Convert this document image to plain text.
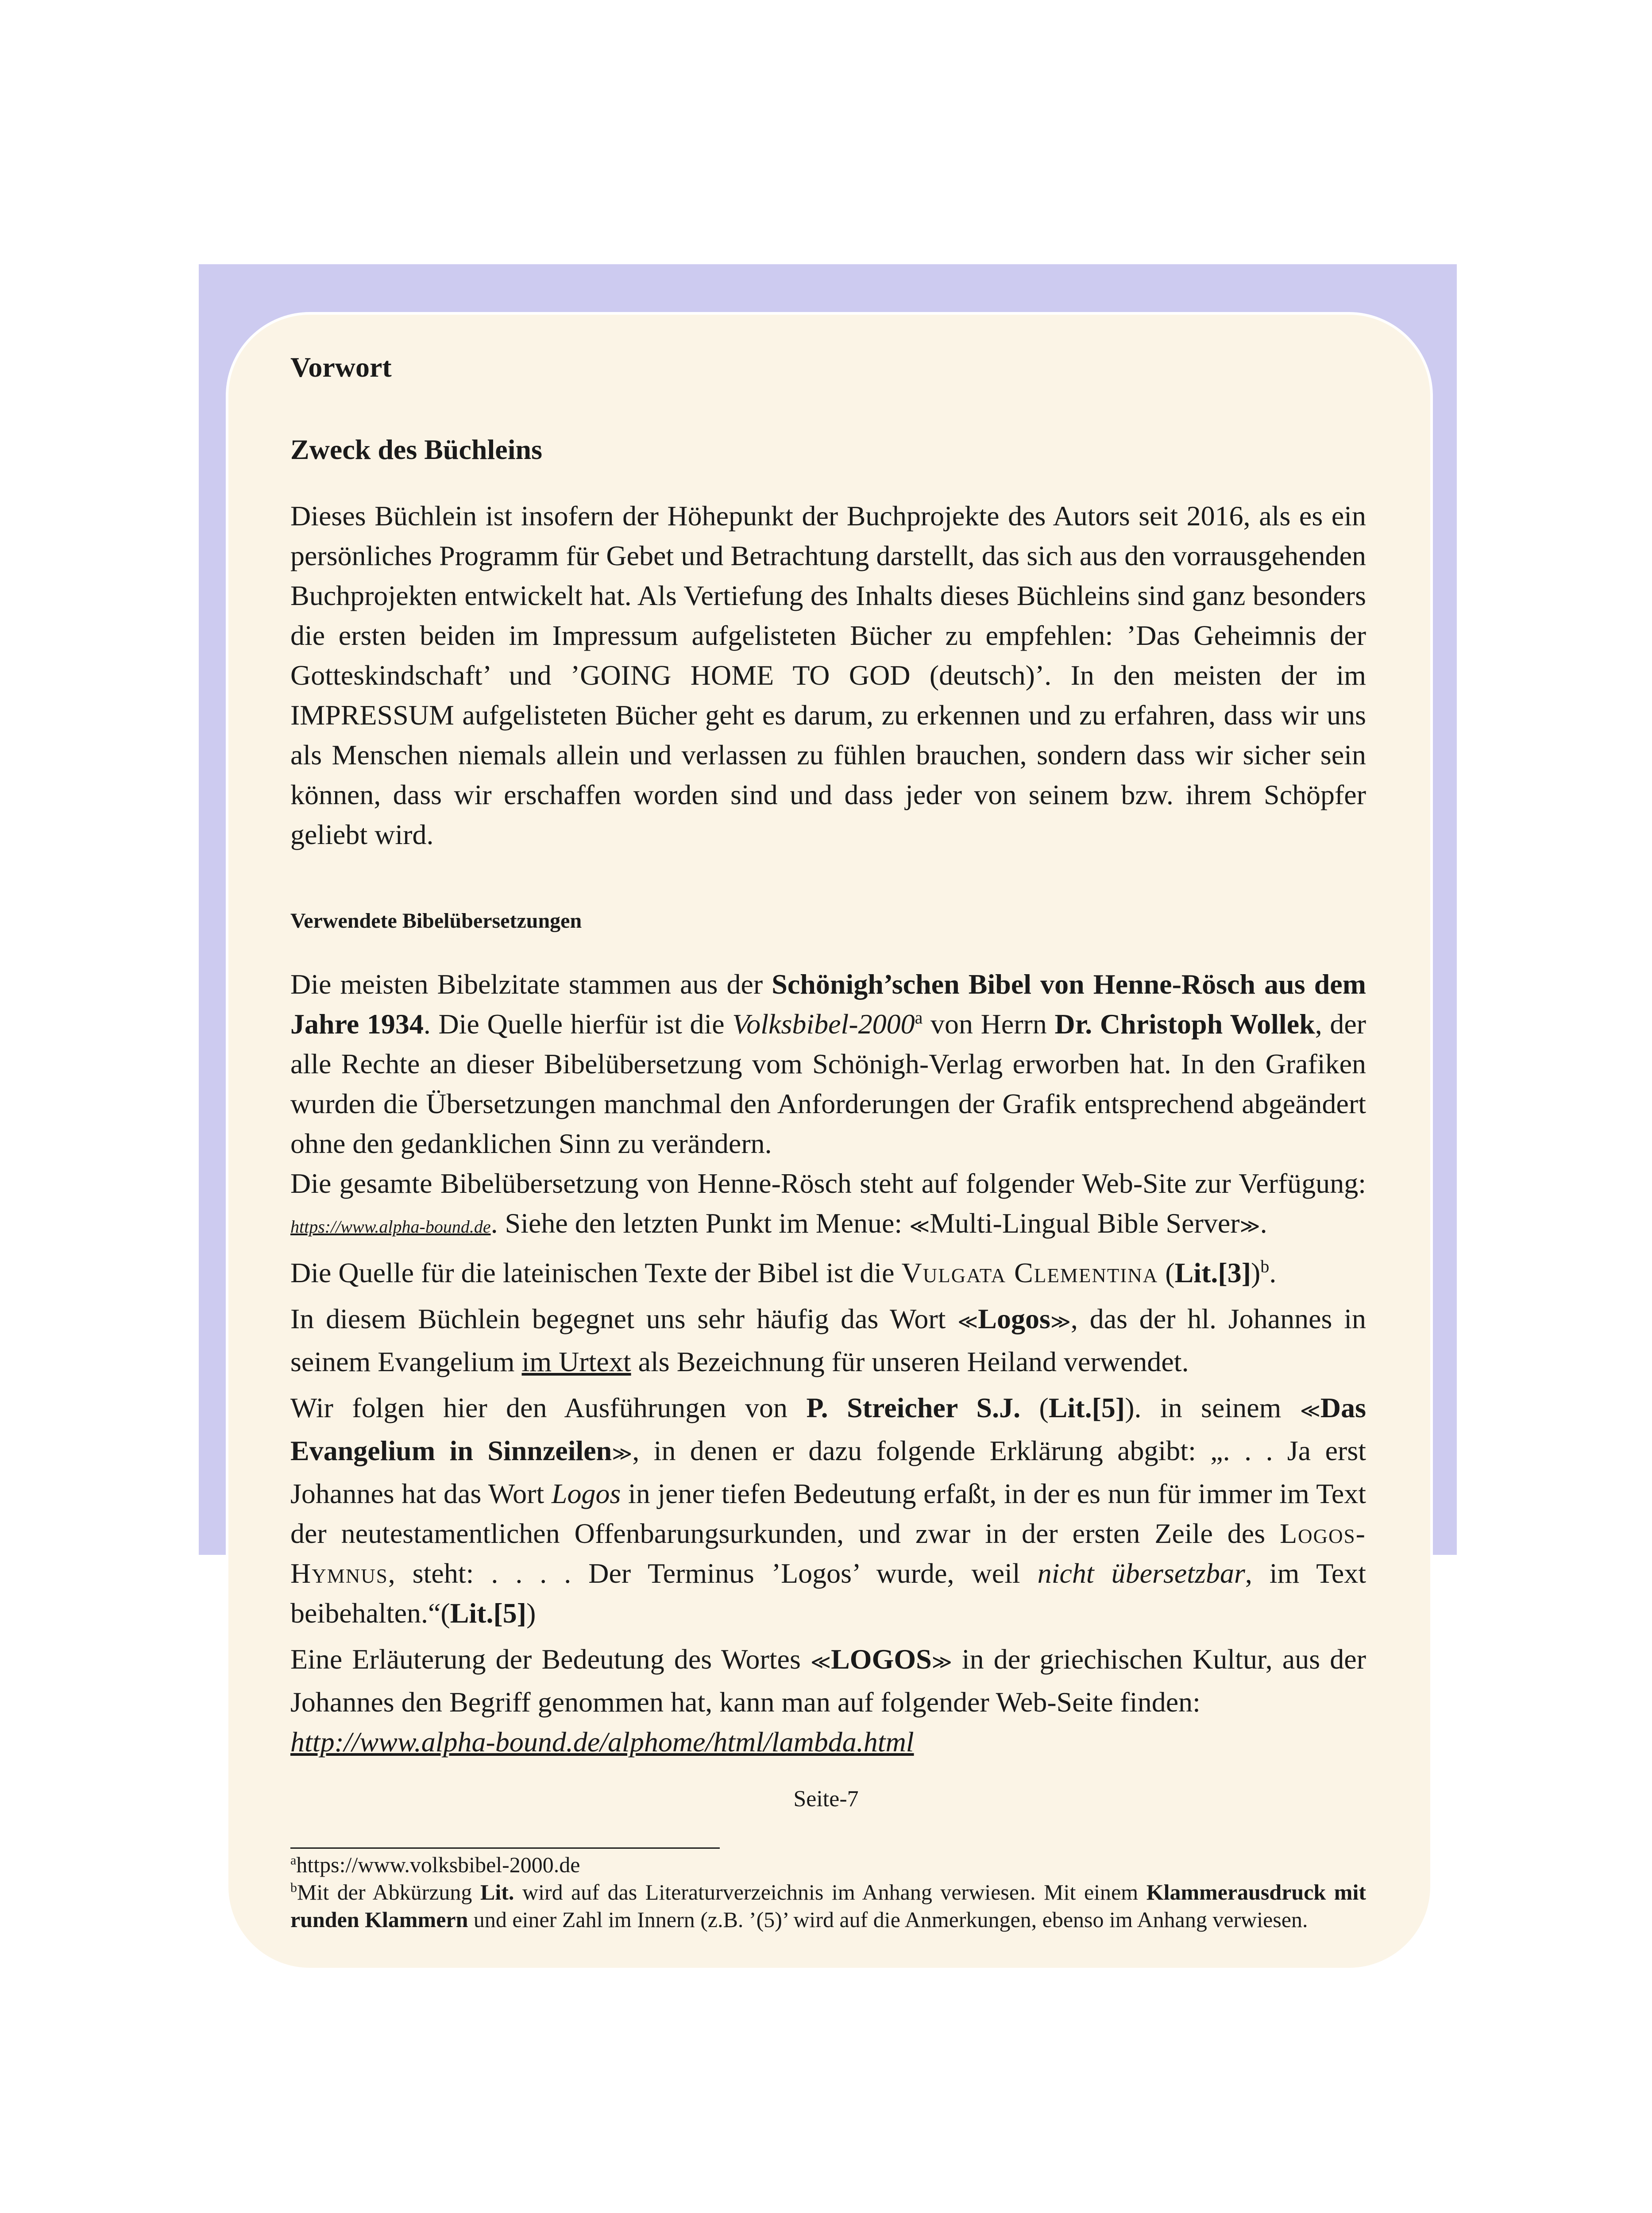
Vorwort
Zweck des Büchleins

Dieses Büchlein ist insofern der Höhepunkt der Buchprojekte des Autors seit 2016, als es ein persönliches Programm für Gebet und Betrachtung darstellt, das sich aus den vorrausgehenden Buchprojekten entwickelt hat. Als Vertiefung des Inhalts dieses Büchleins sind ganz besonders die ersten beiden im Impressum aufgelisteten Bücher zu empfehlen: ’Das Geheimnis der Gotteskindschaft’ und ’GOING HOME TO GOD (deutsch)’. In den meisten der im IMPRESSUM aufgelisteten Bücher geht es darum, zu erkennen und zu erfahren, dass wir uns als Menschen niemals allein und verlassen zu fühlen brauchen, sondern dass wir sicher sein können, dass wir erschaffen worden sind und dass jeder von seinem bzw. ihrem Schöpfer geliebt wird.

Verwendete Bibelübersetzungen

Die meisten Bibelzitate stammen aus der Schönigh’schen Bibel von Henne-Rösch aus dem Jahre 1934. Die Quelle hierfür ist die Volksbibel-2000$^a$ von Herrn Dr. Christoph Wollek, der alle Rechte an dieser Bibelübersetzung vom Schönigh-Verlag erworben hat. In den Grafiken wurden die Übersetzungen manchmal den Anforderungen der Grafik entsprechend abgeändert ohne den gedanklichen Sinn zu verändern.

Die gesamte Bibelübersetzung von Henne-Rösch steht auf folgender Web-Site zur Verfügung: https://www.alpha-bound.de. Siehe den letzten Punkt im Menue: ≪Multi-Lingual Bible Server≫.

Die Quelle für die lateinischen Texte der Bibel ist die Vulgata Clementina $(Lit.[3])^b$.

In diesem Büchlein begegnet uns sehr häufig das Wort ≪Logos≫, das der hl. Johannes in seinem Evangelium im Urtext als Bezeichnung für unseren Heiland verwendet.

Wir folgen hier den Ausführungen von P. Streicher S.J. (Lit.[5]). in seinem ≪Das Evangelium in Sinnzeilen≫, in denen er dazu folgende Erklärung abgibt: „. . . Ja erst Johannes hat das Wort Logos in jener tiefen Bedeutung erfaßt, in der es nun für immer im Text der neutestamentlichen Offenbarungsurkunden, und zwar in der ersten Zeile des Logos-Hymnus, steht: . . . . Der Terminus ’Logos’ wurde, weil nicht übersetzbar, im Text beibehalten.“(Lit.[5])

Eine Erläuterung der Bedeutung des Wortes ≪LOGOS≫ in der griechischen Kultur, aus der Johannes den Begriff genommen hat, kann man auf folgender Web-Seite finden:
http://www.alpha-bound.de/alphome/html/lambda.html

Seite-7
$^a$https://www.volksbibel-2000.de
$^b$Mit der Abkürzung Lit. wird auf das Literaturverzeichnis im Anhang verwiesen. Mit einem Klammerausdruck mit runden Klammern und einer Zahl im Innern (z.B. ’(5)’ wird auf die Anmerkungen, ebenso im Anhang verwiesen.
